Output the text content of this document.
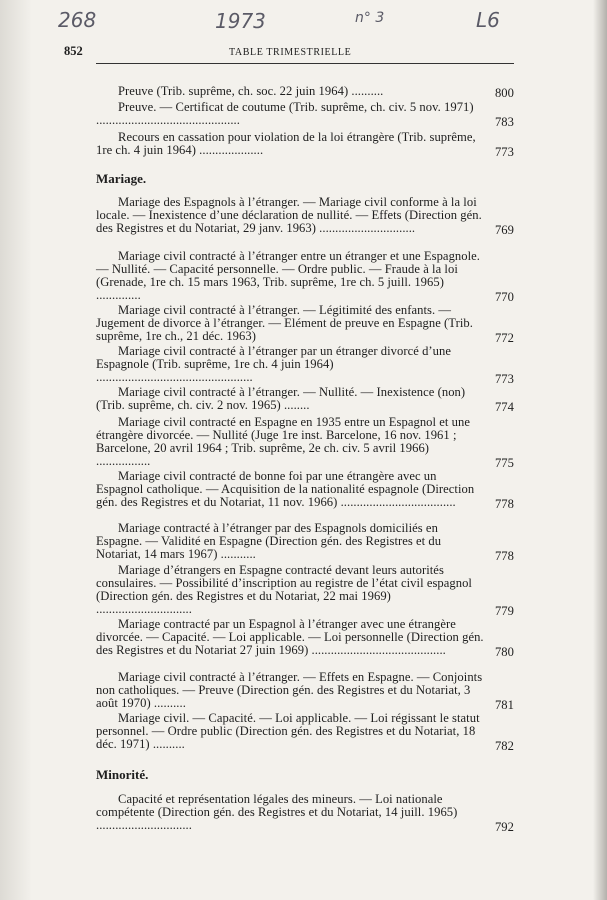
268	1973	n° 3	L6
852	TABLE TRIMESTRIELLE
Preuve (Trib. suprême, ch. soc. 22 juin 1964) ..........	800
Preuve. — Certificat de coutume (Trib. suprême, ch. civ. 5 nov. 1971) .............................................	783
Recours en cassation pour violation de la loi étrangère (Trib. suprême, 1re ch. 4 juin 1964) ....................	773
Mariage.
Mariage des Espagnols à l’étranger. — Mariage civil conforme à la loi locale. — Inexistence d’une déclaration de nullité. — Effets (Direction gén. des Registres et du Notariat, 29 janv. 1963) ..............................	769
Mariage civil contracté à l’étranger entre un étranger et une Espagnole. — Nullité. — Capacité personnelle. — Ordre public. — Fraude à la loi (Grenade, 1re ch. 15 mars 1963, Trib. suprême, 1re ch. 5 juill. 1965) ..............	770
Mariage civil contracté à l’étranger. — Légitimité des enfants. — Jugement de divorce à l’étranger. — Elément de preuve en Espagne (Trib. suprême, 1re ch., 21 déc. 1963)	772
Mariage civil contracté à l’étranger par un étranger divorcé d’une Espagnole (Trib. suprême, 1re ch. 4 juin 1964) .................................................	773
Mariage civil contracté à l’étranger. — Nullité. — Inexistence (non) (Trib. suprême, ch. civ. 2 nov. 1965) ........	774
Mariage civil contracté en Espagne en 1935 entre un Espagnol et une étrangère divorcée. — Nullité (Juge 1re inst. Barcelone, 16 nov. 1961 ; Barcelone, 20 avril 1964 ; Trib. suprême, 2e ch. civ. 5 avril 1966) .................	775
Mariage civil contracté de bonne foi par une étrangère avec un Espagnol catholique. — Acquisition de la nationalité espagnole (Direction gén. des Registres et du Notariat, 11 nov. 1966) ....................................	778
Mariage contracté à l’étranger par des Espagnols domiciliés en Espagne. — Validité en Espagne (Direction gén. des Registres et du Notariat, 14 mars 1967) ...........	778
Mariage d’étrangers en Espagne contracté devant leurs autorités consulaires. — Possibilité d’inscription au registre de l’état civil espagnol (Direction gén. des Registres et du Notariat, 22 mai 1969) ..............................	779
Mariage contracté par un Espagnol à l’étranger avec une étrangère divorcée. — Capacité. — Loi applicable. — Loi personnelle (Direction gén. des Registres et du Notariat 27 juin 1969) ..........................................	780
Mariage civil contracté à l’étranger. — Effets en Espagne. — Conjoints non catholiques. — Preuve (Direction gén. des Registres et du Notariat, 3 août 1970) ..........	781
Mariage civil. — Capacité. — Loi applicable. — Loi régissant le statut personnel. — Ordre public (Direction gén. des Registres et du Notariat, 18 déc. 1971) ..........	782
Minorité.
Capacité et représentation légales des mineurs. — Loi nationale compétente (Direction gén. des Registres et du Notariat, 14 juill. 1965) ..............................	792
